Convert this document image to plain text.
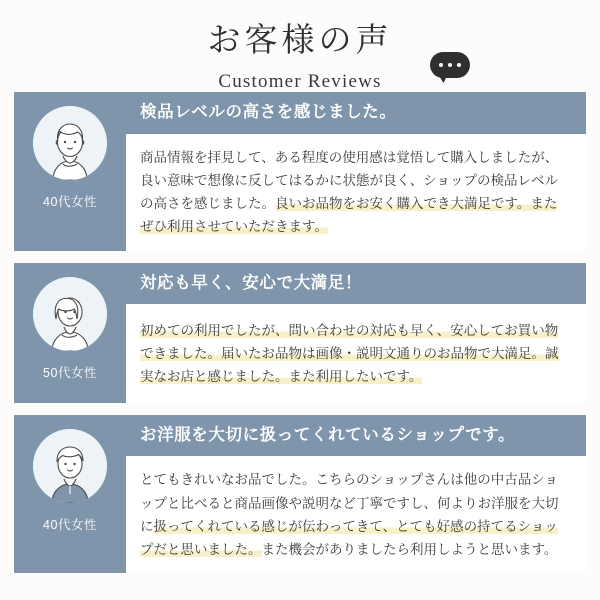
お客様の声
Customer Reviews
40代女性
検品レベルの高さを感じました。
商品情報を拝見して、ある程度の使用感は覚悟して購入しましたが、良い意味で想像に反してはるかに状態が良く、ショップの検品レベルの高さを感じました。良いお品物をお安く購入でき大満足です。またぜひ利用させていただきます。
50代女性
対応も早く、安心で大満足！
初めての利用でしたが、問い合わせの対応も早く、安心してお買い物できました。届いたお品物は画像・説明文通りのお品物で大満足。誠実なお店と感じました。また利用したいです。
40代女性
お洋服を大切に扱ってくれているショップです。
とてもきれいなお品でした。こちらのショップさんは他の中古品ショップと比べると商品画像や説明など丁寧ですし、何よりお洋服を大切に扱ってくれている感じが伝わってきて、とても好感の持てるショップだと思いました。また機会がありましたら利用しようと思います。
